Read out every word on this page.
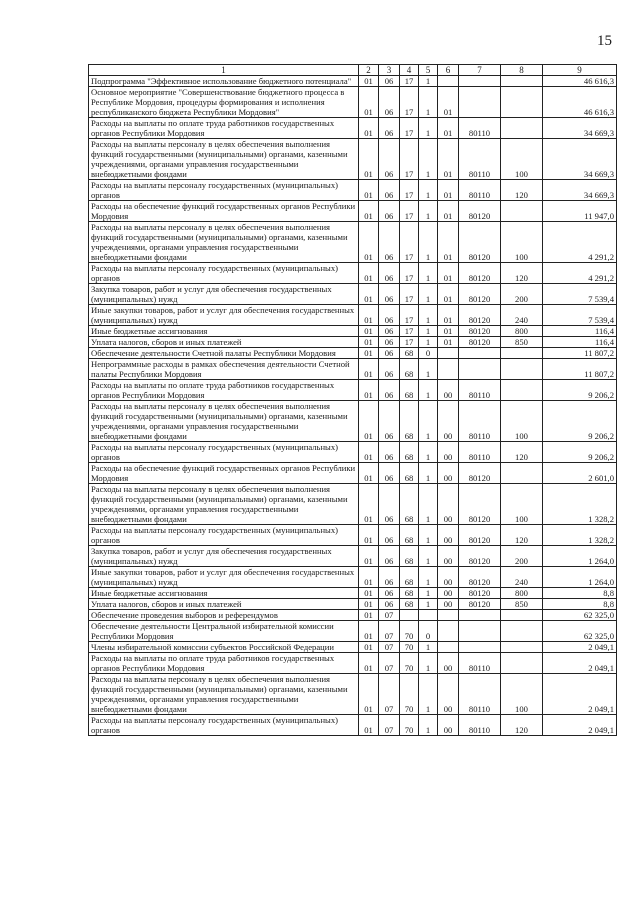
15
1	2	3	4	5	6	7	8	9
Подпрограмма "Эффективное использование бюджетного потенциала"	01	06	17	1				46 616,3
Основное мероприятие "Совершенствование бюджетного процесса в Республике Мордовия, процедуры формирования и исполнения республиканского бюджета Республики Мордовия"	01	06	17	1	01			46 616,3
Расходы на выплаты по оплате труда работников государственных органов Республики Мордовия	01	06	17	1	01	80110		34 669,3
Расходы на выплаты персоналу в целях обеспечения выполнения функций государственными (муниципальными) органами, казенными учреждениями, органами управления государственными внебюджетными фондами	01	06	17	1	01	80110	100	34 669,3
Расходы на выплаты персоналу государственных (муниципальных) органов	01	06	17	1	01	80110	120	34 669,3
Расходы на обеспечение функций государственных органов Республики Мордовия	01	06	17	1	01	80120		11 947,0
Расходы на выплаты персоналу в целях обеспечения выполнения функций государственными (муниципальными) органами, казенными учреждениями, органами управления государственными внебюджетными фондами	01	06	17	1	01	80120	100	4 291,2
Расходы на выплаты персоналу государственных (муниципальных) органов	01	06	17	1	01	80120	120	4 291,2
Закупка товаров, работ и услуг для обеспечения государственных (муниципальных) нужд	01	06	17	1	01	80120	200	7 539,4
Иные закупки товаров, работ и услуг для обеспечения государственных (муниципальных) нужд	01	06	17	1	01	80120	240	7 539,4
Иные бюджетные ассигнования	01	06	17	1	01	80120	800	116,4
Уплата налогов, сборов и иных платежей	01	06	17	1	01	80120	850	116,4
Обеспечение деятельности Счетной палаты Республики Мордовия	01	06	68	0				11 807,2
Непрограммные расходы в рамках обеспечения деятельности Счетной палаты Республики Мордовия	01	06	68	1				11 807,2
Расходы на выплаты по оплате труда работников государственных органов Республики Мордовия	01	06	68	1	00	80110		9 206,2
Расходы на выплаты персоналу в целях обеспечения выполнения функций государственными (муниципальными) органами, казенными учреждениями, органами управления государственными внебюджетными фондами	01	06	68	1	00	80110	100	9 206,2
Расходы на выплаты персоналу государственных (муниципальных) органов	01	06	68	1	00	80110	120	9 206,2
Расходы на обеспечение функций государственных органов Республики Мордовия	01	06	68	1	00	80120		2 601,0
Расходы на выплаты персоналу в целях обеспечения выполнения функций государственными (муниципальными) органами, казенными учреждениями, органами управления государственными внебюджетными фондами	01	06	68	1	00	80120	100	1 328,2
Расходы на выплаты персоналу государственных (муниципальных) органов	01	06	68	1	00	80120	120	1 328,2
Закупка товаров, работ и услуг для обеспечения государственных (муниципальных) нужд	01	06	68	1	00	80120	200	1 264,0
Иные закупки товаров, работ и услуг для обеспечения государственных (муниципальных) нужд	01	06	68	1	00	80120	240	1 264,0
Иные бюджетные ассигнования	01	06	68	1	00	80120	800	8,8
Уплата налогов, сборов и иных платежей	01	06	68	1	00	80120	850	8,8
Обеспечение проведения выборов и референдумов	01	07						62 325,0
Обеспечение деятельности Центральной избирательной комиссии Республики Мордовия	01	07	70	0				62 325,0
Члены избирательной комиссии субъектов Российской Федерации	01	07	70	1				2 049,1
Расходы на выплаты по оплате труда работников государственных органов Республики Мордовия	01	07	70	1	00	80110		2 049,1
Расходы на выплаты персоналу в целях обеспечения выполнения функций государственными (муниципальными) органами, казенными учреждениями, органами управления государственными внебюджетными фондами	01	07	70	1	00	80110	100	2 049,1
Расходы на выплаты персоналу государственных (муниципальных) органов	01	07	70	1	00	80110	120	2 049,1
